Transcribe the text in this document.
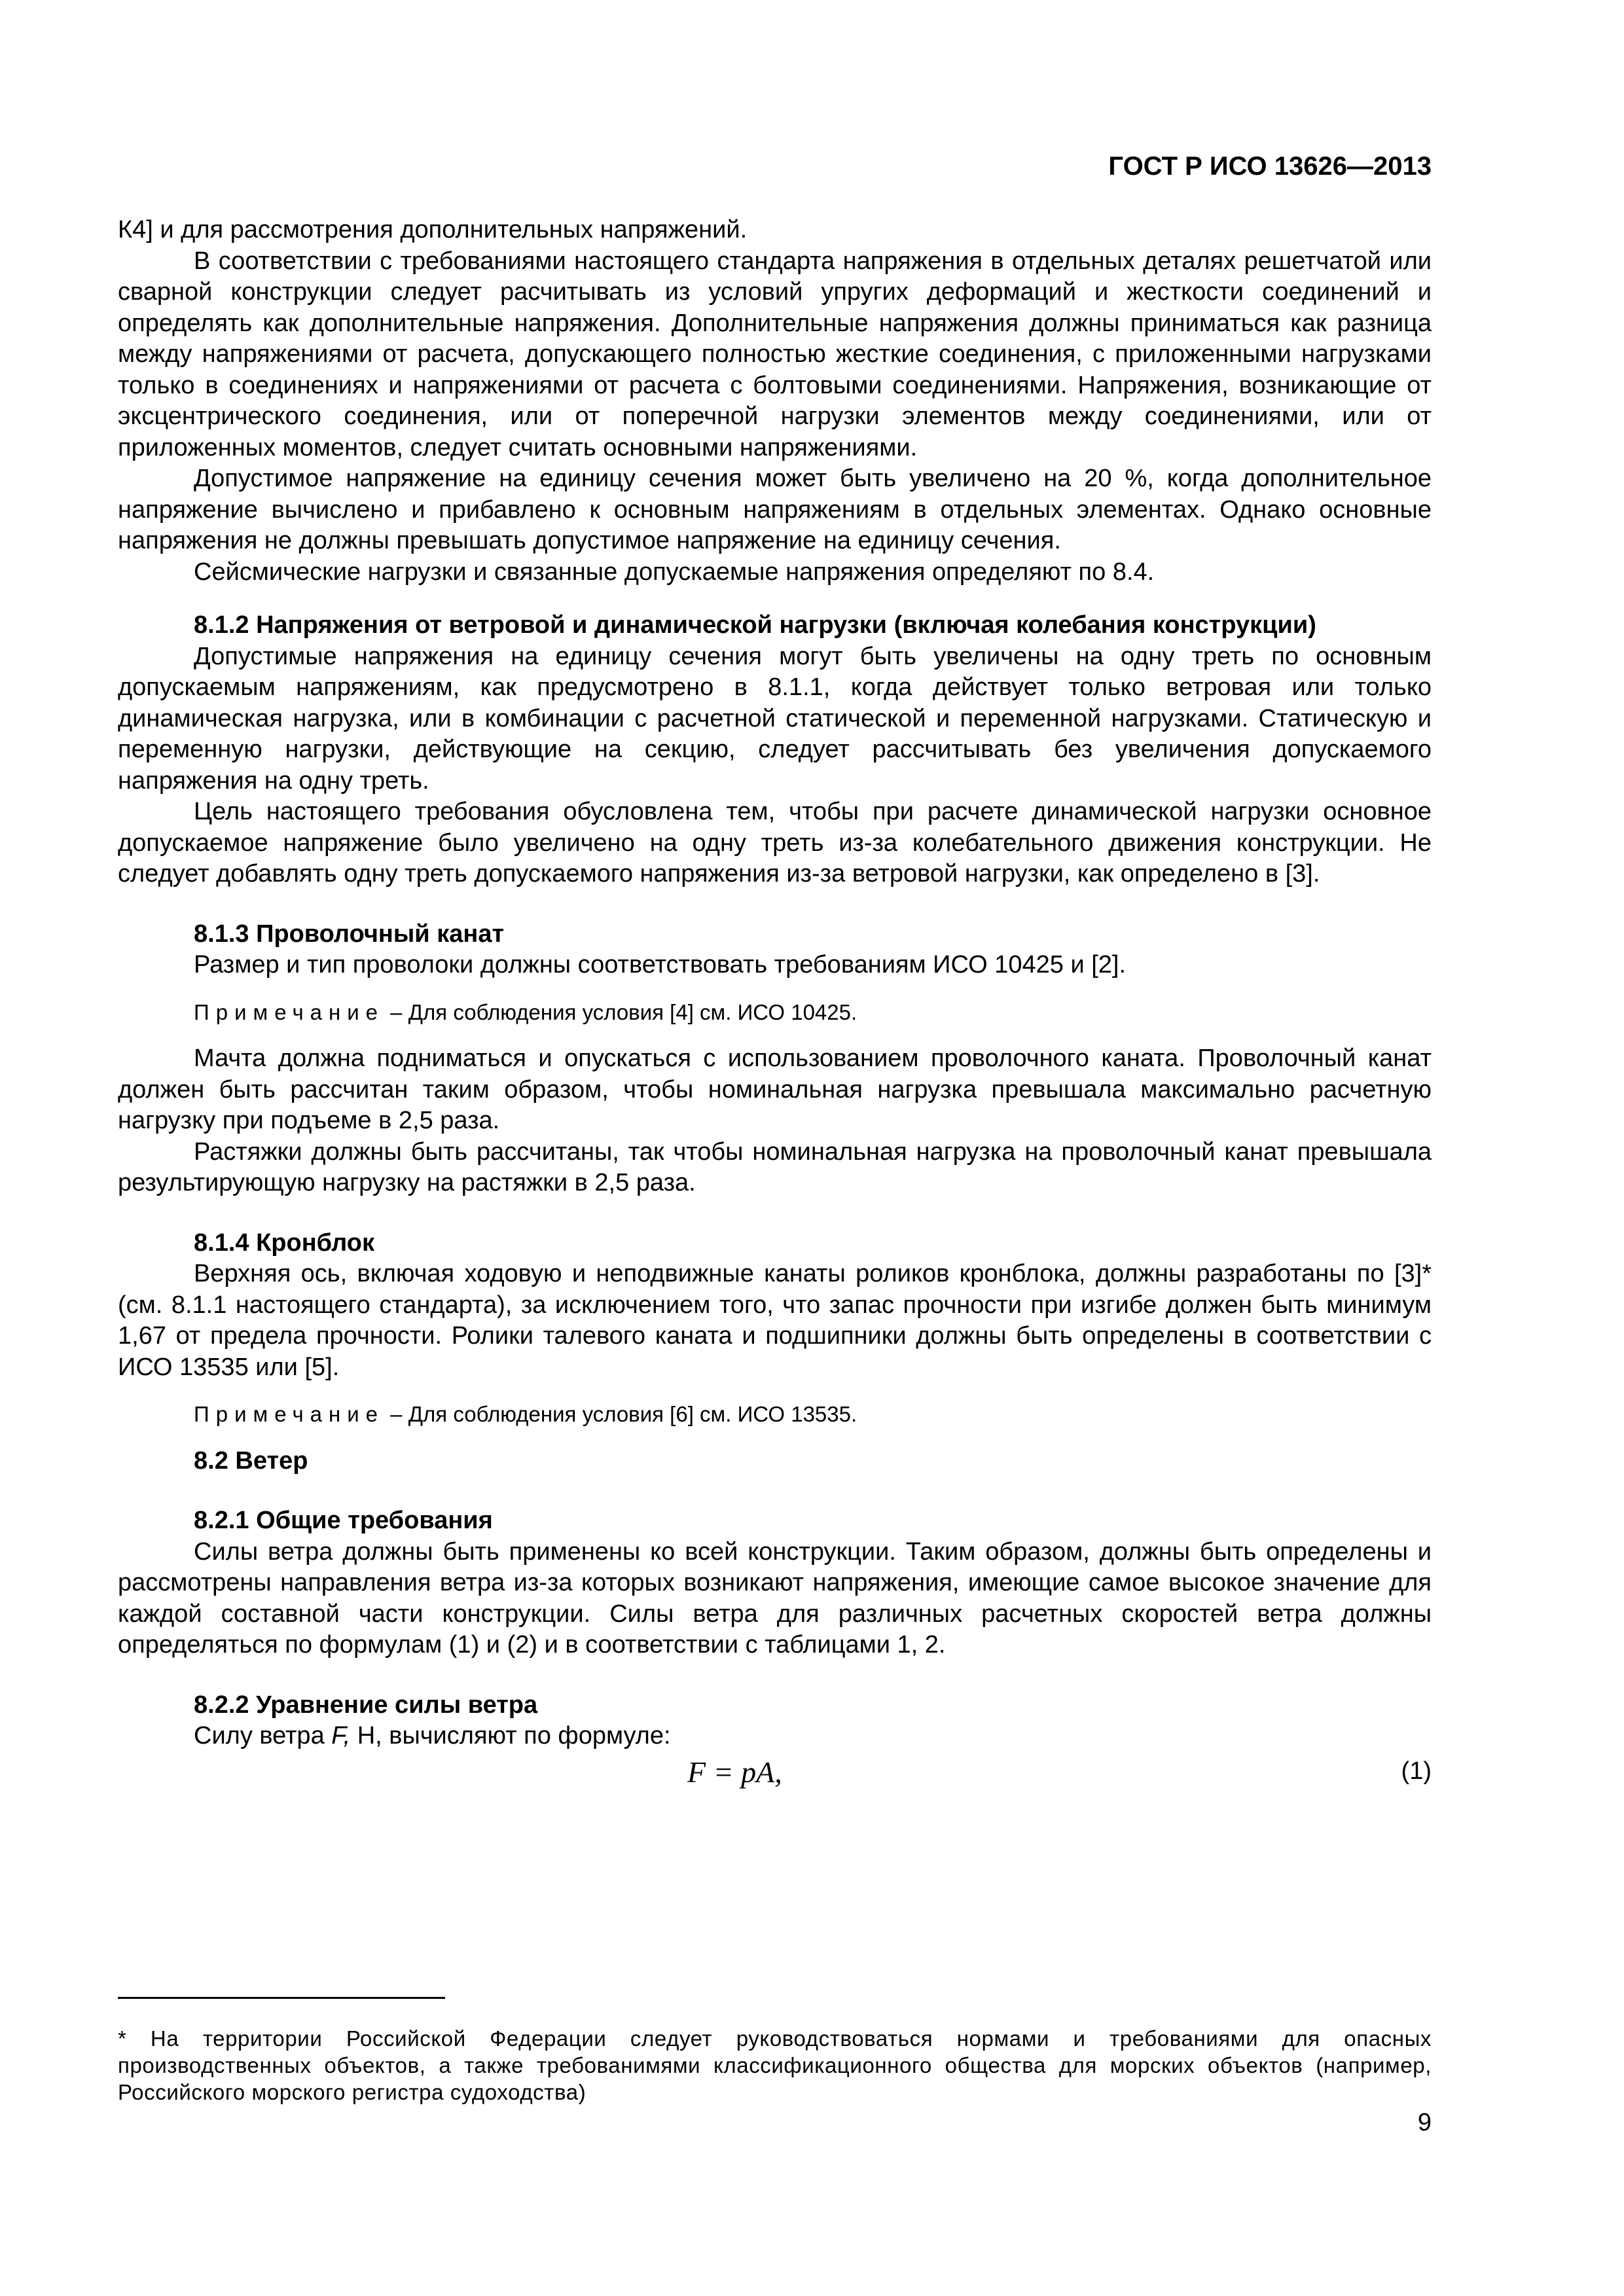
ГОСТ Р ИСО 13626—2013

К4] и для рассмотрения дополнительных напряжений.

В соответствии с требованиями настоящего стандарта напряжения в отдельных деталях решетчатой или сварной конструкции следует расчитывать из условий упругих деформаций и жесткости соединений и определять как дополнительные напряжения. Дополнительные напряжения должны приниматься как разница между напряжениями от расчета, допускающего полностью жесткие соединения, с приложенными нагрузками только в соединениях и напряжениями от расчета с болтовыми соединениями. Напряжения, возникающие от эксцентрического соединения, или от поперечной нагрузки элементов между соединениями, или от приложенных моментов, следует считать основными напряжениями.

Допустимое напряжение на единицу сечения может быть увеличено на 20 %, когда дополнительное напряжение вычислено и прибавлено к основным напряжениям в отдельных элементах. Однако основные напряжения не должны превышать допустимое напряжение на единицу сечения.

Сейсмические нагрузки и связанные допускаемые напряжения определяют по 8.4.

8.1.2 Напряжения от ветровой и динамической нагрузки (включая колебания конструкции)

Допустимые напряжения на единицу сечения могут быть увеличены на одну треть по основным допускаемым напряжениям, как предусмотрено в 8.1.1, когда действует только ветровая или только динамическая нагрузка, или в комбинации с расчетной статической и переменной нагрузками. Статическую и переменную нагрузки, действующие на секцию, следует рассчитывать без увеличения допускаемого напряжения на одну треть.

Цель настоящего требования обусловлена тем, чтобы при расчете динамической нагрузки основное допускаемое напряжение было увеличено на одну треть из-за колебательного движения конструкции. Не следует добавлять одну треть допускаемого напряжения из-за ветровой нагрузки, как определено в [3].

8.1.3 Проволочный канат

Размер и тип проволоки должны соответствовать требованиям ИСО 10425 и [2].

Примечание – Для соблюдения условия [4] см. ИСО 10425.

Мачта должна подниматься и опускаться с использованием проволочного каната. Проволочный канат должен быть рассчитан таким образом, чтобы номинальная нагрузка превышала максимально расчетную нагрузку при подъеме в 2,5 раза.

Растяжки должны быть рассчитаны, так чтобы номинальная нагрузка на проволочный канат превышала результирующую нагрузку на растяжки в 2,5 раза.

8.1.4 Кронблок

Верхняя ось, включая ходовую и неподвижные канаты роликов кронблока, должны разработаны по [3]* (см. 8.1.1 настоящего стандарта), за исключением того, что запас прочности при изгибе должен быть минимум 1,67 от предела прочности. Ролики талевого каната и подшипники должны быть определены в соответствии с ИСО 13535 или [5].

Примечание – Для соблюдения условия [6] см. ИСО 13535.

8.2 Ветер

8.2.1 Общие требования

Силы ветра должны быть применены ко всей конструкции. Таким образом, должны быть определены и рассмотрены направления ветра из-за которых возникают напряжения, имеющие самое высокое значение для каждой составной части конструкции. Силы ветра для различных расчетных скоростей ветра должны определяться по формулам (1) и (2) и в соответствии с таблицами 1, 2.

8.2.2 Уравнение силы ветра

Силу ветра F, Н, вычисляют по формуле:

F = pA,	(1)
* На территории Российской Федерации следует руководствоваться нормами и требованиями для опасных производственных объектов, а также требованимями классификационного общества для морских объектов (например, Российского морского регистра судоходства)
9
